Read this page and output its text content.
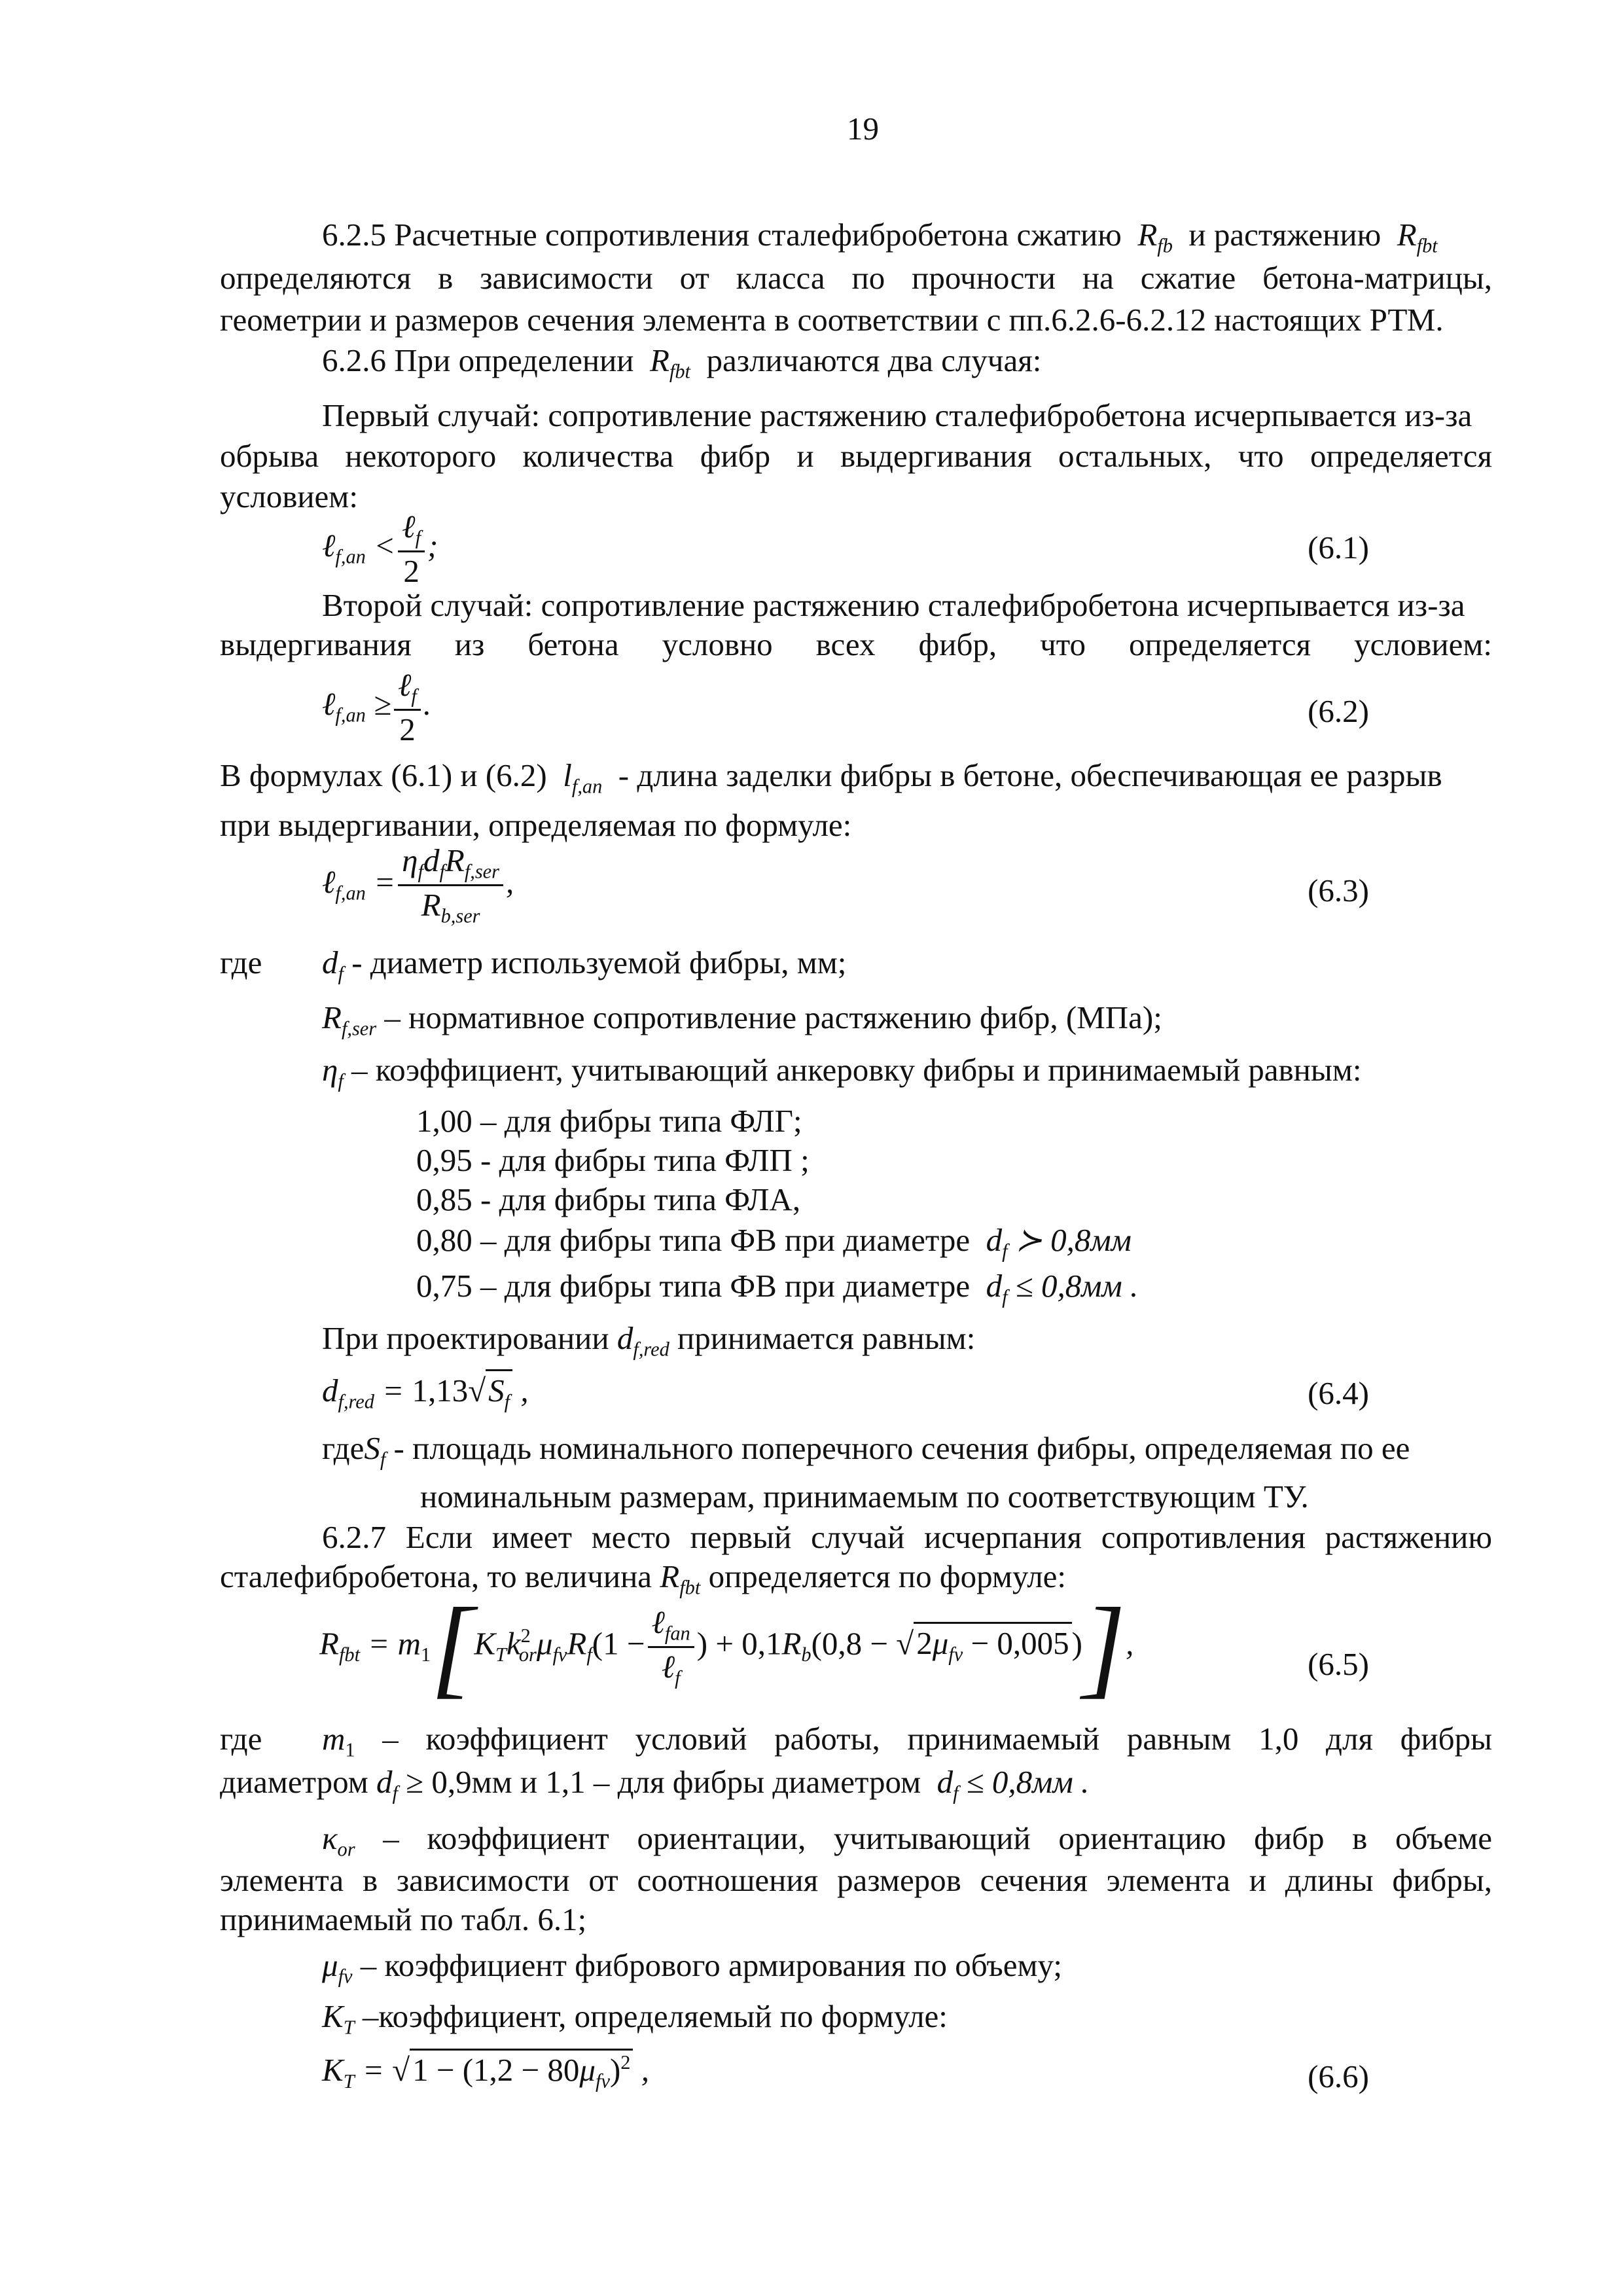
19
6.2.5 Расчетные сопротивления сталефибробетона сжатию  $R_{fb}$ и растяжению  $R_{fbt}$
определяются в зависимости от класса по прочности на сжатие бетона-матрицы,
геометрии и размеров сечения элемента в соответствии с пп.6.2.6-6.2.12 настоящих РТМ.
6.2.6 При определении  $R_{fbt}$ различаются два случая:
Первый случай: сопротивление растяжению сталефибробетона исчерпывается из-за
обрыва некоторого количества фибр и выдергивания остальных, что определяется
условием:
ℓ$_{f,an}$ < $\frac{\ell_f}{2}$ ;	(6.1)
Второй случай: сопротивление растяжению сталефибробетона исчерпывается из-за
выдергивания из бетона условно всех фибр, что определяется условием:
ℓ$_{f,an}$ ≥ $\frac{\ell_f}{2}$ .	(6.2)
В формулах (6.1) и (6.2)  $l_{f,an}$ - длина заделки фибры в бетоне, обеспечивающая ее разрыв
при выдергивании, определяемая по формуле:
ℓ$_{f,an}$ = $\frac{\eta_fd_fR_{f,ser}}{R_{b,ser}}$ ,	(6.3)
где $d_f$ - диаметр используемой фибры, мм;
$R_{f,ser}$ – нормативное сопротивление растяжению фибр, (МПа);
$\eta_f$ – коэффициент, учитывающий анкеровку фибры и принимаемый равным:
1,00 – для фибры типа ФЛГ;
0,95 - для фибры типа ФЛП ;
0,85 - для фибры типа ФЛА,
0,80 – для фибры типа ФВ при диаметре  $d_f$ ≻ 0,8мм
0,75 – для фибры типа ФВ при диаметре  $d_f \le 0,8мм$ .
При проектировании $d_{f,red}$ принимается равным:
$d_{f,red} = 1,13√S_f$ ,	(6.4)
гдеS$_f$ - площадь номинального поперечного сечения фибры, определяемая по ее
номинальным размерам, принимаемым по соответствующим ТУ.
6.2.7 Если имеет место первый случай исчерпания сопротивления растяжению
сталефибробетона, то величина $R_{fbt}$ определяется по формуле:
$R_{fbt} = m_1[K_Tk^2_{or}\mu_{fv}R_f(1 - \frac{\ell_{fan}}{\ell_f}$ ) + $0,1R_b(0,8 - √2\mu_{fv} - 0,005)$],
(6.5)
где $m_1$ – коэффициент условий работы, принимаемый равным 1,0 для фибры
диаметром $d_f \ge 0,9мм$ и 1,1 – для фибры диаметром  $d_f \le 0,8мм$ .
$\kappa_{or}$ – коэффициент ориентации, учитывающий ориентацию фибр в объеме
элемента в зависимости от соотношения размеров сечения элемента и длины фибры,
принимаемый по табл. 6.1;
$\mu_{fv}$ – коэффициент фибрового армирования по объему;
$K_T$ –коэффициент, определяемый по формуле:
$K_T = √1 - (1,2 - 80\mu_{fv})^2$ ,	(6.6)
